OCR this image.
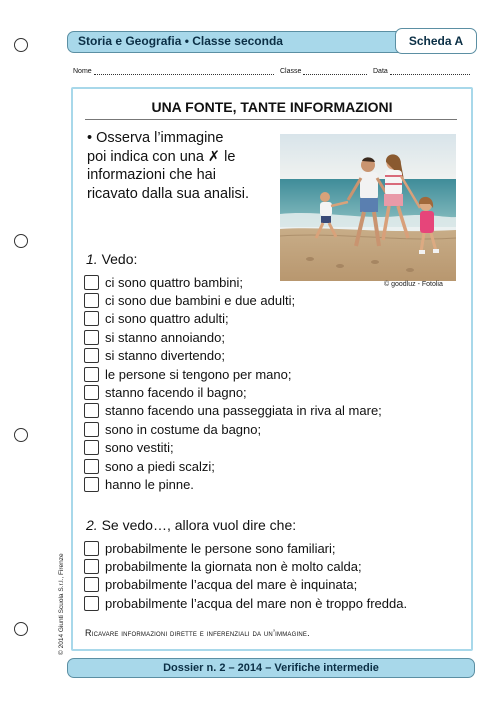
Storia e Geografia • Classe seconda	Scheda A
Nome	Classe	Data
UNA FONTE, TANTE INFORMAZIONI
• Osserva l’immagine
poi indica con una ✗ le
informazioni che hai
ricavato dalla sua analisi.
© goodluz - Fotolia
1. Vedo:
ci sono quattro bambini;
ci sono due bambini e due adulti;
ci sono quattro adulti;
si stanno annoiando;
si stanno divertendo;
le persone si tengono per mano;
stanno facendo il bagno;
stanno facendo una passeggiata in riva al mare;
sono in costume da bagno;
sono vestiti;
sono a piedi scalzi;
hanno le pinne.
2. Se vedo…, allora vuol dire che:
probabilmente le persone sono familiari;
probabilmente la giornata non è molto calda;
probabilmente l’acqua del mare è inquinata;
probabilmente l’acqua del mare non è troppo fredda.
Ricavare informazioni dirette e inferenziali da un’immagine.
© 2014 Giunti Scuola S.r.l., Firenze
Dossier n. 2 – 2014 – Verifiche intermedie
